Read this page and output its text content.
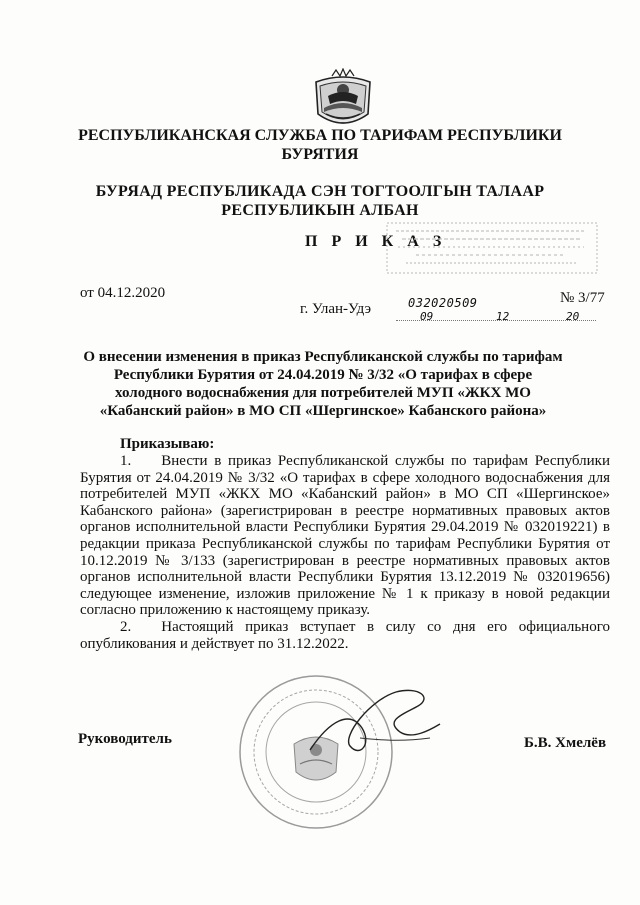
РЕСПУБЛИКАНСКАЯ СЛУЖБА ПО ТАРИФАМ РЕСПУБЛИКИ БУРЯТИЯ
БУРЯАД РЕСПУБЛИКАДА СЭН ТОГТООЛГЫН ТАЛААР РЕСПУБЛИКЫН АЛБАН
П Р И К А З
от 04.12.2020	№ 3/77
г. Улан-Удэ	032020509
09	12	20
О внесении изменения в приказ Республиканской службы по тарифам Республики Бурятия от 24.04.2019 № 3/32 «О тарифах в сфере холодного водоснабжения для потребителей МУП «ЖКХ МО «Кабанский район» в МО СП «Шергинское» Кабанского района»
Приказываю:

1.  Внести в приказ Республиканской службы по тарифам Республики Бурятия от 24.04.2019 № 3/32 «О тарифах в сфере холодного водоснабжения для потребителей МУП «ЖКХ МО «Кабанский район» в МО СП «Шергинское» Кабанского района» (зарегистрирован в реестре нормативных правовых актов органов исполнительной власти Республики Бурятия 29.04.2019 № 032019221) в редакции приказа Республиканской службы по тарифам Республики Бурятия от 10.12.2019 № 3/133 (зарегистрирован в реестре нормативных правовых актов органов исполнительной власти Республики Бурятия 13.12.2019 № 032019656) следующее изменение, изложив приложение № 1 к приказу в новой редакции согласно приложению к настоящему приказу.

2.  Настоящий приказ вступает в силу со дня его официального опубликования и действует по 31.12.2022.

Руководитель	Б.В. Хмелёв
